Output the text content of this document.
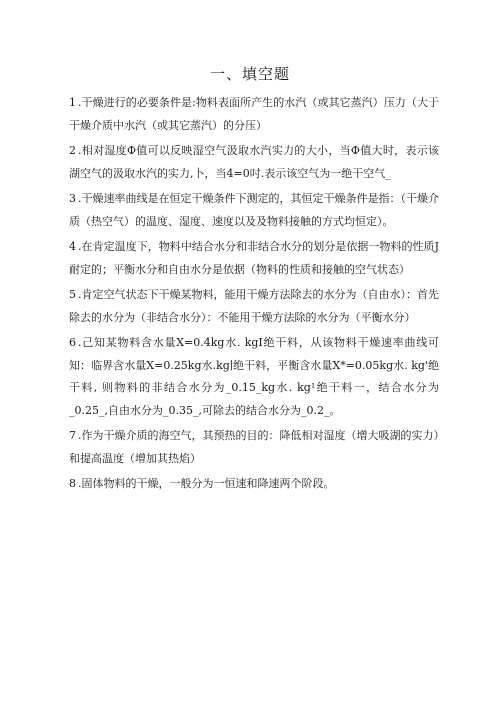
一、填空题

1 .干燥进行的必要条件是:物料表面所产生的水汽（或其它蒸汽）压力（大于干燥介质中水汽（或其它蒸汽）的分压）

2 .相对湿度Φ值可以反映湿空气汲取水汽实力的大小，当Φ值大时，表示该湖空气的汲取水汽的实力,卜，当4=0吋.表示该空气为一绝干空气_

3 .干燥速率曲线是在恒定干燥条件下测定的，其恒定干燥条件是指：（干燥介质（热空气）的温度、湿度、速度以及及物料接触的方式均恒定）。

4 .在肯定温度下，物料中结合水分和非结合水分的划分是依据一物料的性质J耐定的；平衡水分和自由水分是依据（物料的性质和接触的空气状态）

5 .肯定空气状态下干燥某物料，能用干燥方法除去的水分为（自由水）：首先除去的水分为（非结合水分）：不能用干燥方法除的水分为（平衡水分）

6 .己知某物料含水量X=0.4kg水. kgI绝干料，从该物料干燥速率曲线可知：临界含水量X=0.25kg水.kg∣绝干料，平衡含水量X*=0.05kg水. kg'绝干料, 则物料的非结合水分为_0.15_kg水. kg¹绝干料一，结合水分为_0.25_,自由水分为_0.35_,可除去的结合水分为_0.2_。

7 .作为干燥介质的海空气，其预热的目的：降低相对湿度（增大吸湖的实力）和提高温度（增加其热焰）

8 .固体物料的干燥，一般分为一恒速和降速两个阶段。
